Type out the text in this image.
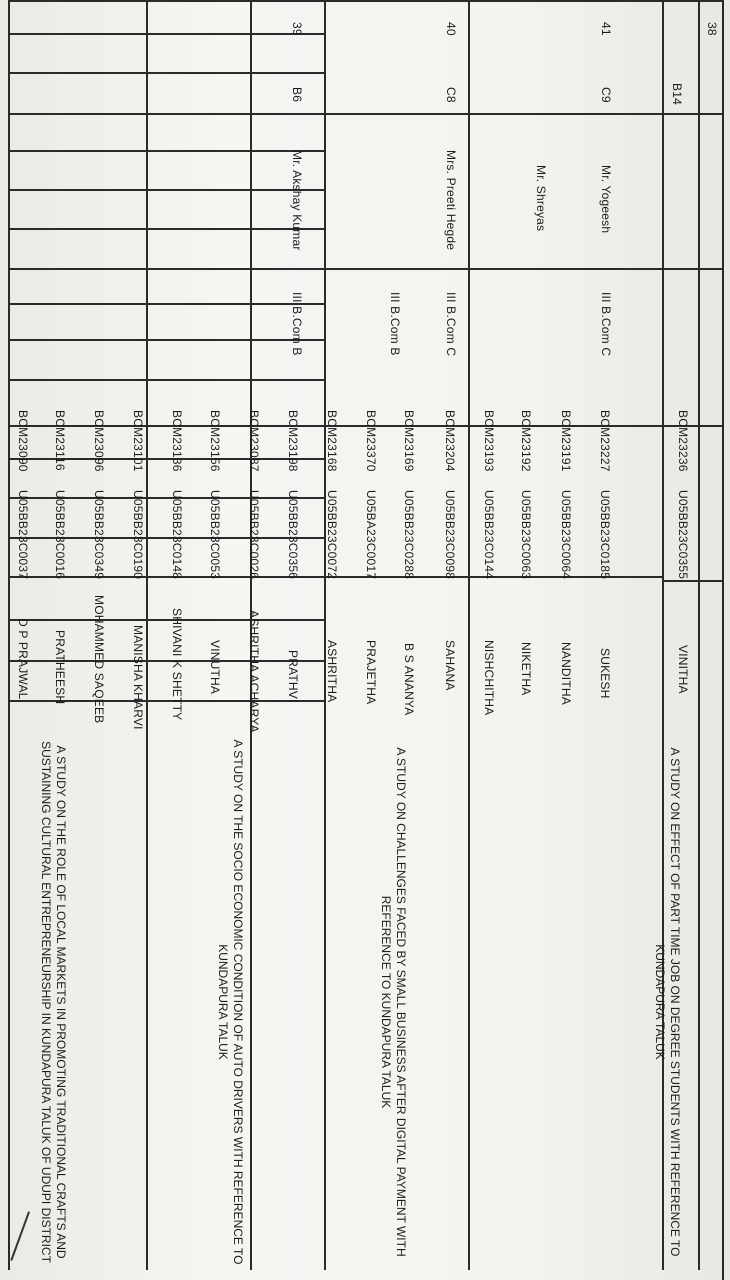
38
B14
Mr. Shreyas
III B.Com B
BCM23090
U05BB23C0037
D P PRAJWAL
BCM23116
U05BB23C0016
PRATHEESH
BCM23096
U05BB23C0349
MOHAMMED SAQEEB
A STUDY ON THE ROLE OF LOCAL MARKETS IN PROMOTING TRADITIONAL CRAFTS AND SUSTAINING CULTURAL ENTREPRENEURSHIP IN KUNDAPURA TALUK OF UDUPI DISTRICT
39
B6
Mr. Akshay Kumar
III B.Com B
BCM23101
U05BB23C0190
MANISHA KHARVI
BCM23136
U05BB23C0148
SHIVANI K SHETTY
BCM23156
U05BB23C0053
VINUTHA
BCM23087
U05BB23C0026
ASHRITHA ACHARYA
A STUDY ON THE SOCIO ECONOMIC CONDITION OF AUTO DRIVERS WITH REFERENCE TO KUNDAPURA TALUK
40
C8
Mrs. Preeti Hegde
III B.Com C
BCM23198
U05BB23C0356
PRATHVI
BCM23168
U05BB23C0072
ASHRITHA
BCM23370
U05BA23C0017
PRAJETHA
BCM23169
U05BB23C0288
B S ANANYA
A STUDY ON CHALLENGES FACED BY SMALL BUSINESS AFTER DIGITAL PAYMENT WITH REFERENCE TO KUNDAPURA TALUK
41
C9
Mr. Yogeesh
III B.Com C
BCM23204
U05BB23C0098
SAHANA
BCM23193
U05BB23C0144
NISHCHITHA
BCM23192
U05BB23C0063
NIKETHA
BCM23191
U05BB23C0064
NANDITHA
BCM23227
U05BB23C0185
SUKESH
BCM23236
U05BB23C0355
VINITHA
A STUDY ON EFFECT OF PART TIME JOB ON DEGREE STUDENTS WITH REFERENCE TO KUNDAPURA TALUK
